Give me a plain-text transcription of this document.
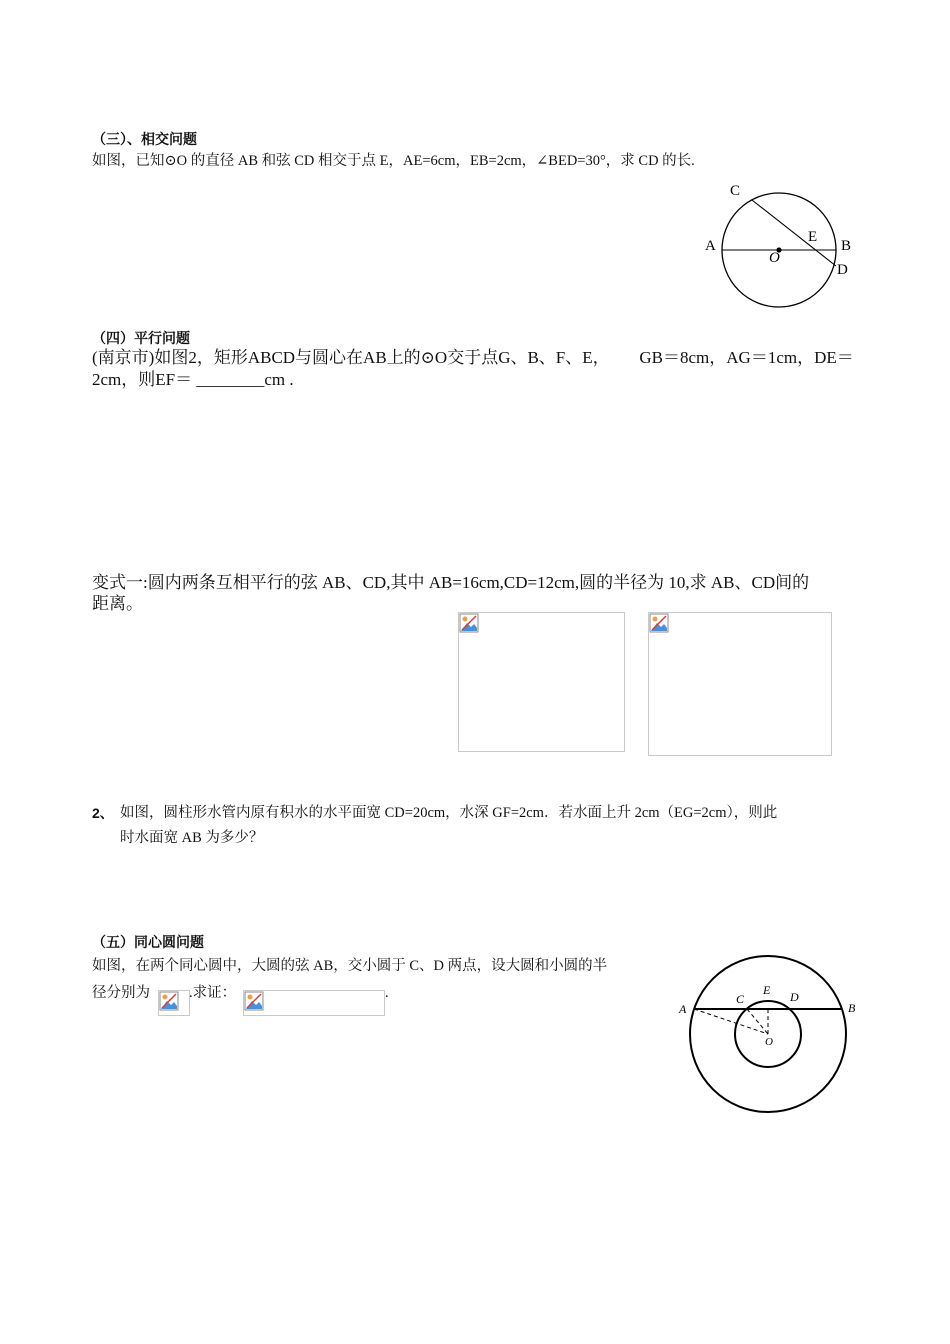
（三）、相交问题
如图，已知⊙O 的直径 AB 和弦 CD 相交于点 E，AE=6cm，EB=2cm，∠BED=30°，求 CD 的长.
C
A	B
D
E
O
（四）平行问题
(南京市)如图2，矩形ABCD与圆心在AB上的⊙O交于点G、B、F、E，       GB＝8cm，AG＝1cm，DE＝
2cm，则EF＝ ________cm .
变式一:圆内两条互相平行的弦 AB、CD,其中 AB=16cm,CD=12cm,圆的半径为 10,求 AB、CD间的
距离。
2、 如图，圆柱形水管内原有积水的水平面宽 CD=20cm，水深 GF=2cm．若水面上升 2cm（EG=2cm），则此
时水面宽 AB 为多少？
（五）同心圆问题
如图，在两个同心圆中，大圆的弦 AB，交小圆于 C、D 两点，设大圆和小圆的半
径分别为	.求证：	.
A	B
C
E D
O
